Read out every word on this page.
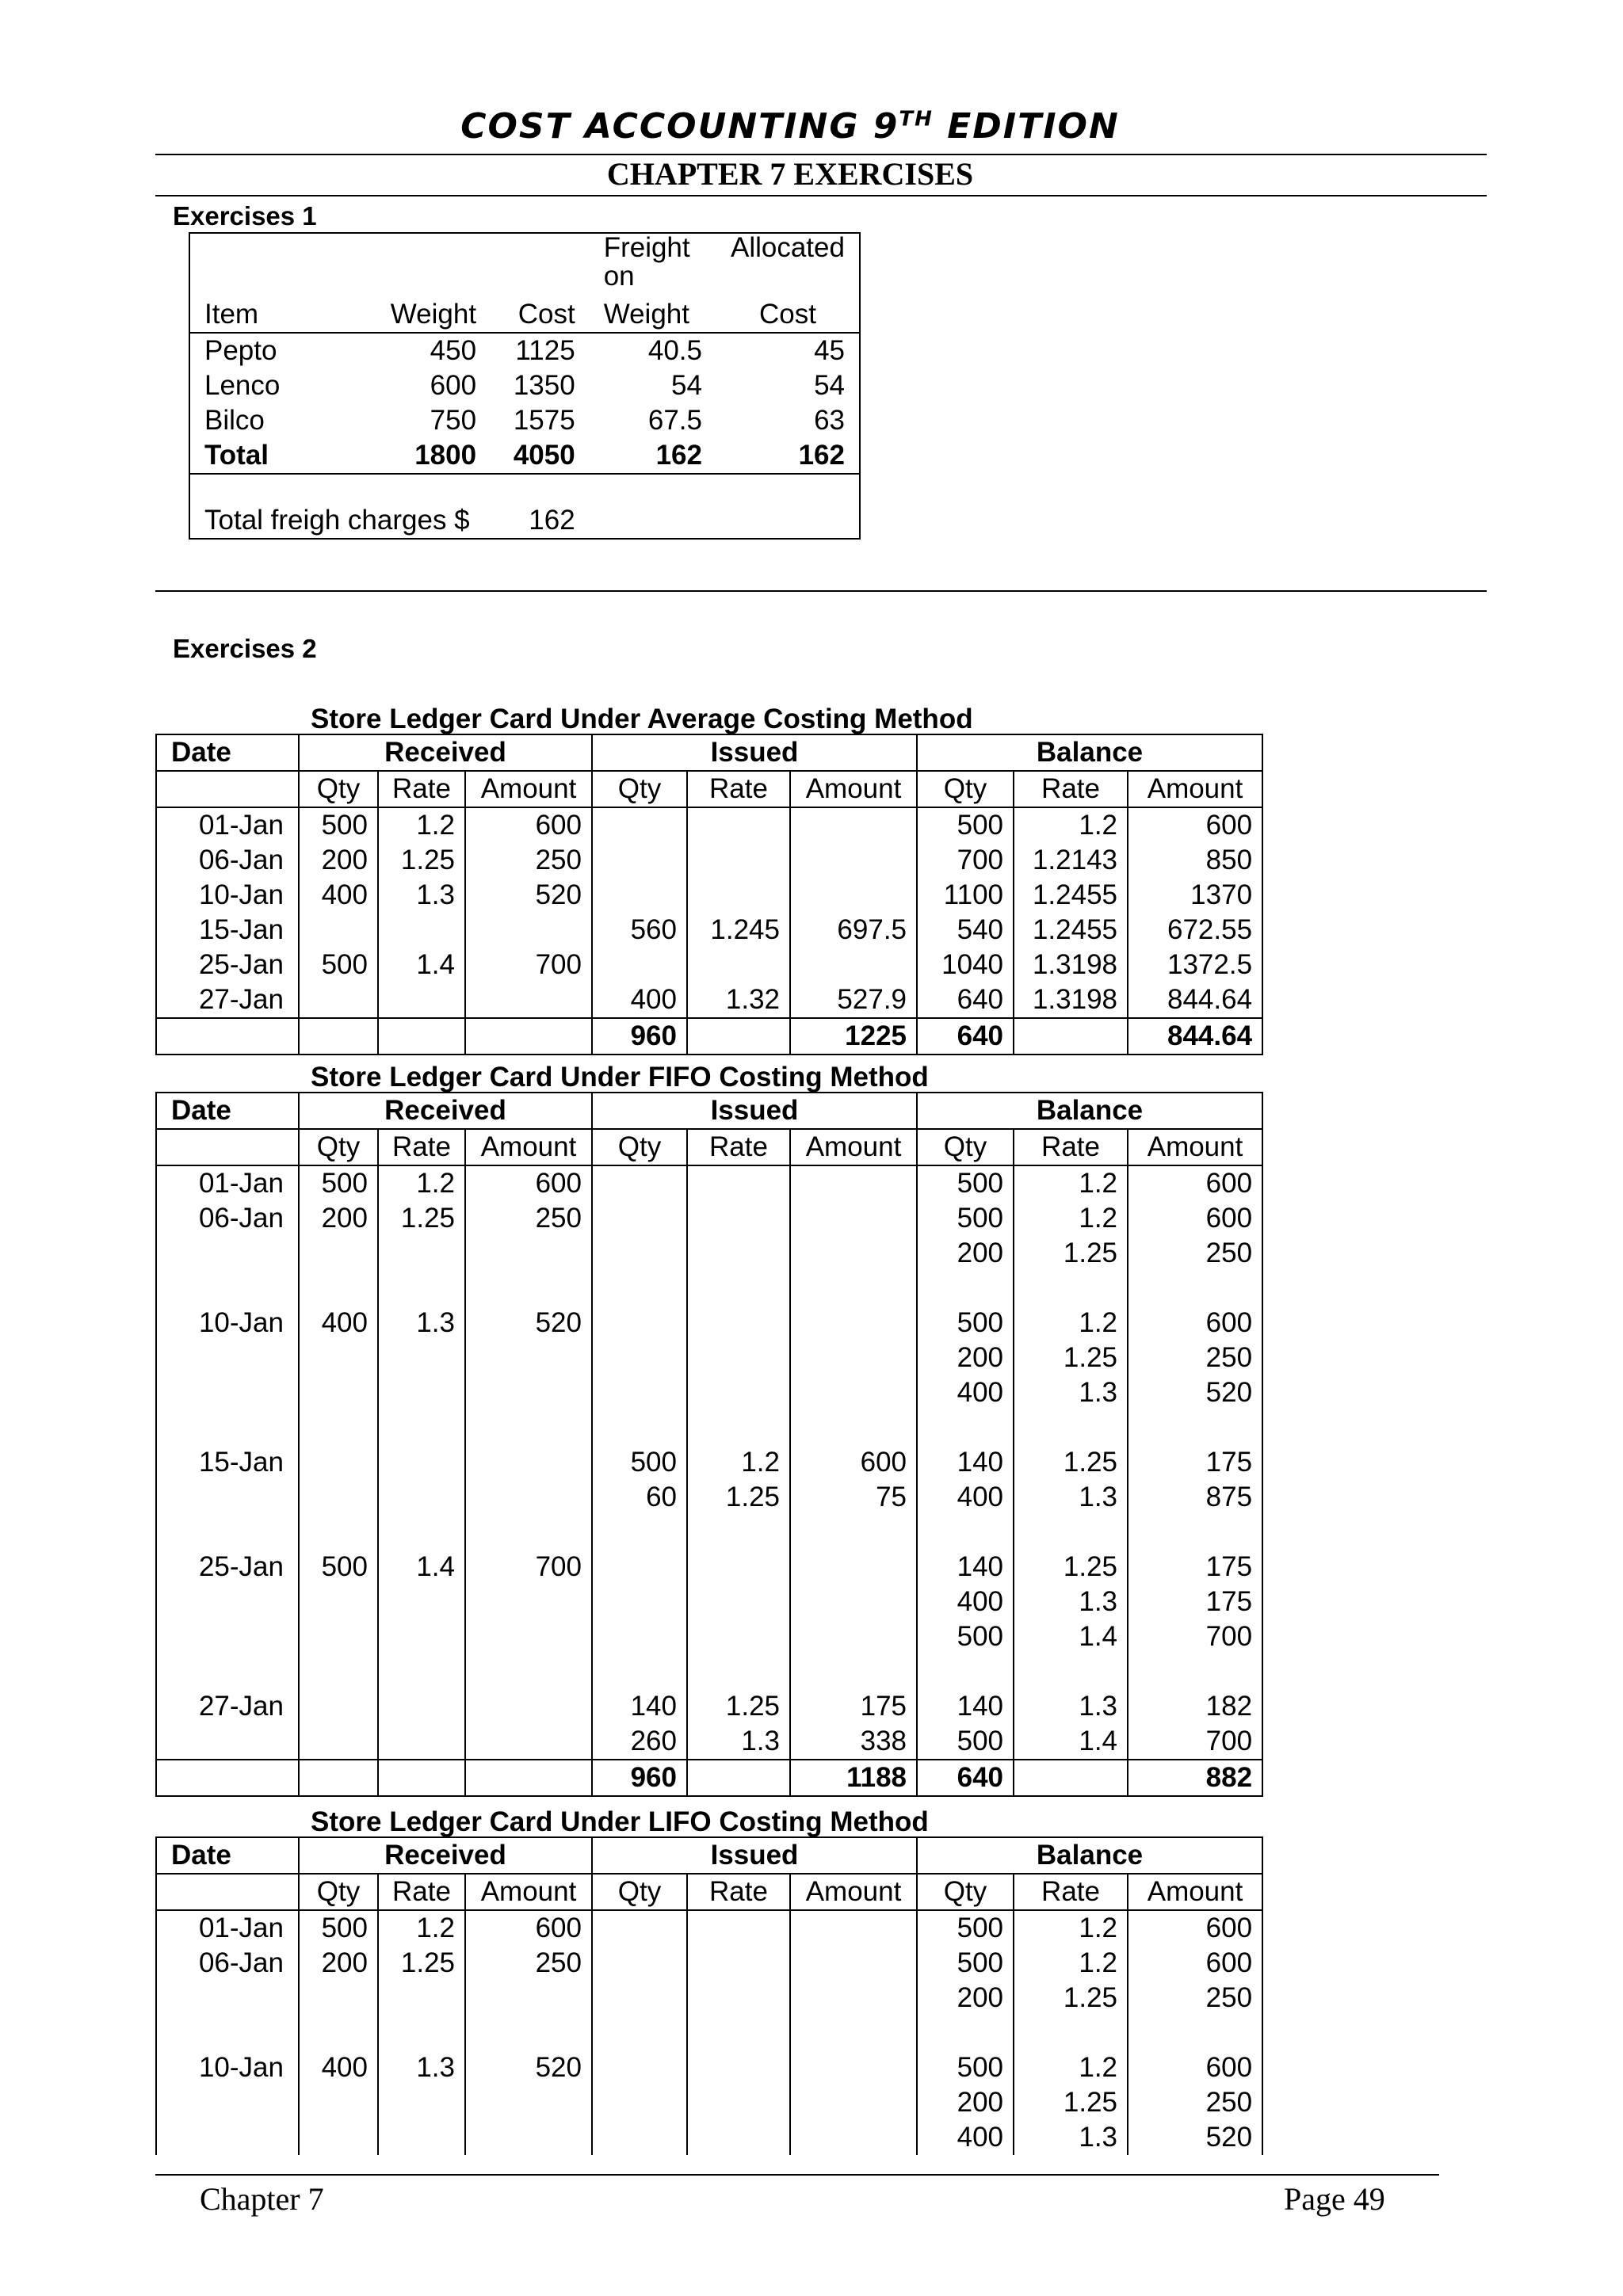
COST ACCOUNTING 9TH EDITION
CHAPTER 7 EXERCISES
Exercises 1
			Freight on	Allocated
Item	Weight	Cost	Weight	Cost
Pepto	450	1125	40.5	45
Lenco	600	1350	54	54
Bilco	750	1575	67.5	63
Total	1800	4050	162	162

Total freigh charges $		162		
Exercises 2
Store Ledger Card Under Average Costing Method
Date	Received			Issued			Balance		
	Qty	Rate	Amount	Qty	Rate	Amount	Qty	Rate	Amount
01-Jan	500	1.2	600				500	1.2	600
06-Jan	200	1.25	250				700	1.2143	850
10-Jan	400	1.3	520				1100	1.2455	1370
15-Jan				560	1.245	697.5	540	1.2455	672.55
25-Jan	500	1.4	700				1040	1.3198	1372.5
27-Jan				400	1.32	527.9	640	1.3198	844.64
				960		1225	640		844.64
Store Ledger Card Under FIFO Costing Method
Date	Received			Issued			Balance		
	Qty	Rate	Amount	Qty	Rate	Amount	Qty	Rate	Amount
01-Jan	500	1.2	600				500	1.2	600
06-Jan	200	1.25	250				500	1.2	600
							200	1.25	250

10-Jan	400	1.3	520				500	1.2	600
							200	1.25	250
							400	1.3	520

15-Jan				500	1.2	600	140	1.25	175
				60	1.25	75	400	1.3	875

25-Jan	500	1.4	700				140	1.25	175
							400	1.3	175
							500	1.4	700

27-Jan				140	1.25	175	140	1.3	182
				260	1.3	338	500	1.4	700
				960		1188	640		882
Store Ledger Card Under LIFO Costing Method
Date	Received			Issued			Balance		
	Qty	Rate	Amount	Qty	Rate	Amount	Qty	Rate	Amount
01-Jan	500	1.2	600				500	1.2	600
06-Jan	200	1.25	250				500	1.2	600
							200	1.25	250

10-Jan	400	1.3	520				500	1.2	600
							200	1.25	250
							400	1.3	520
Chapter 7	Page 49
